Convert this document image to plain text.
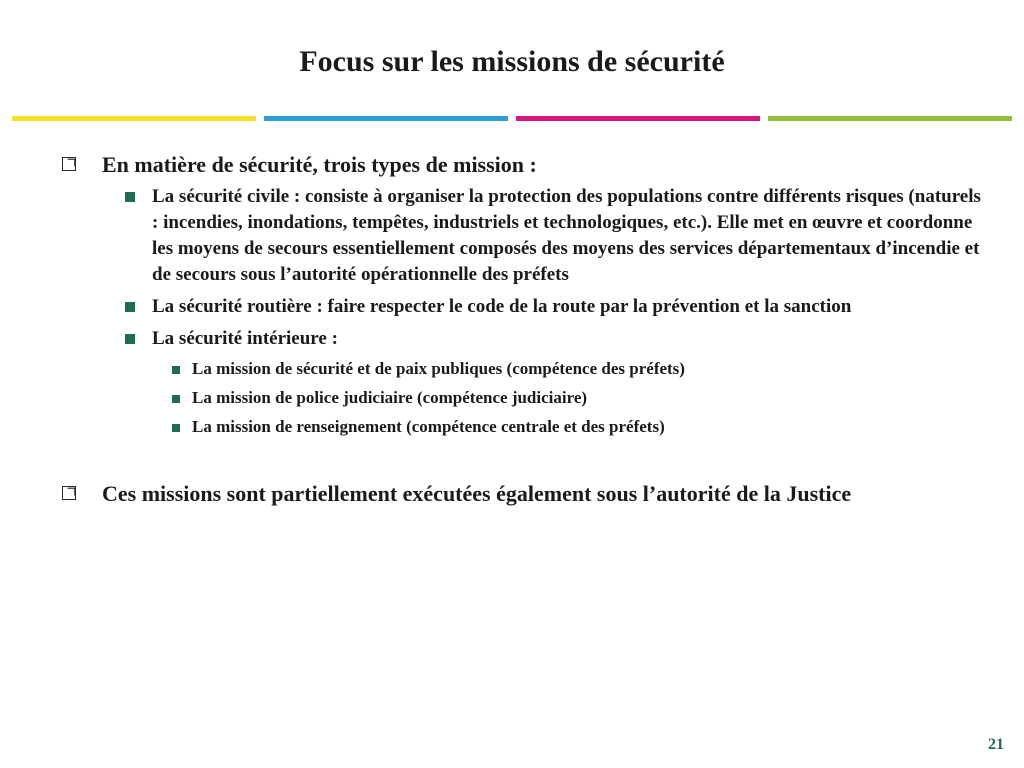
Focus sur les missions de sécurité
En matière de sécurité, trois types de mission :
La sécurité civile : consiste à organiser la protection des populations contre différents risques (naturels : incendies, inondations, tempêtes, industriels et technologiques, etc.). Elle met en œuvre et coordonne les moyens de secours essentiellement composés des moyens des services départementaux d’incendie et de secours sous l’autorité opérationnelle des préfets
La sécurité routière : faire respecter le code de la route par la prévention et la sanction
La sécurité intérieure :
La mission de sécurité et de paix publiques (compétence des préfets)
La mission de police judiciaire (compétence judiciaire)
La mission de renseignement (compétence centrale et des préfets)
Ces missions sont partiellement exécutées également sous l’autorité de la Justice
21
